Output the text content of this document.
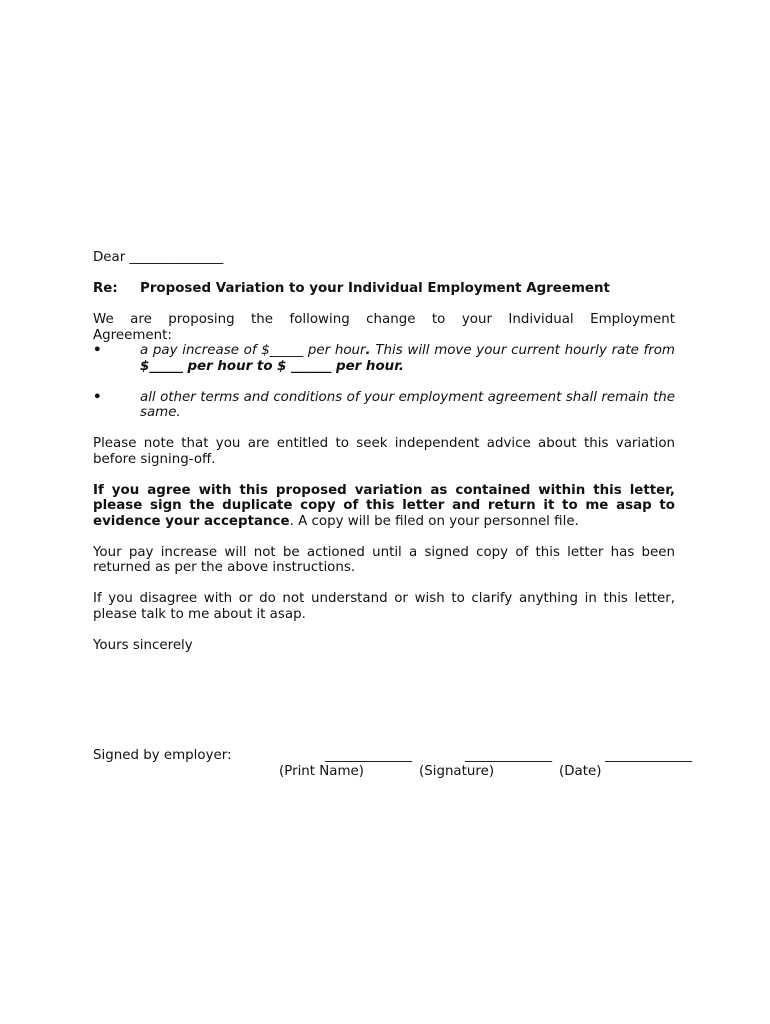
Dear ______________

Re: Proposed Variation to your Individual Employment Agreement

We are proposing the following change to your Individual Employment

Agreement:

•	a pay increase of $_____ per hour. This will move your current hourly rate from $_____ per hour to $ ______ per hour.

•	all other terms and conditions of your employment agreement shall remain the same.

Please note that you are entitled to seek independent advice about this variation before signing-off.

If you agree with this proposed variation as contained within this letter, please sign the duplicate copy of this letter and return it to me asap to evidence your acceptance. A copy will be filed on your personnel file.

Your pay increase will not be actioned until a signed copy of this letter has been returned as per the above instructions.

If you disagree with or do not understand or wish to clarify anything in this letter, please talk to me about it asap.

Yours sincerely

Signed by employer:	_____________	_____________	_____________
(Print Name)	(Signature)	(Date)
